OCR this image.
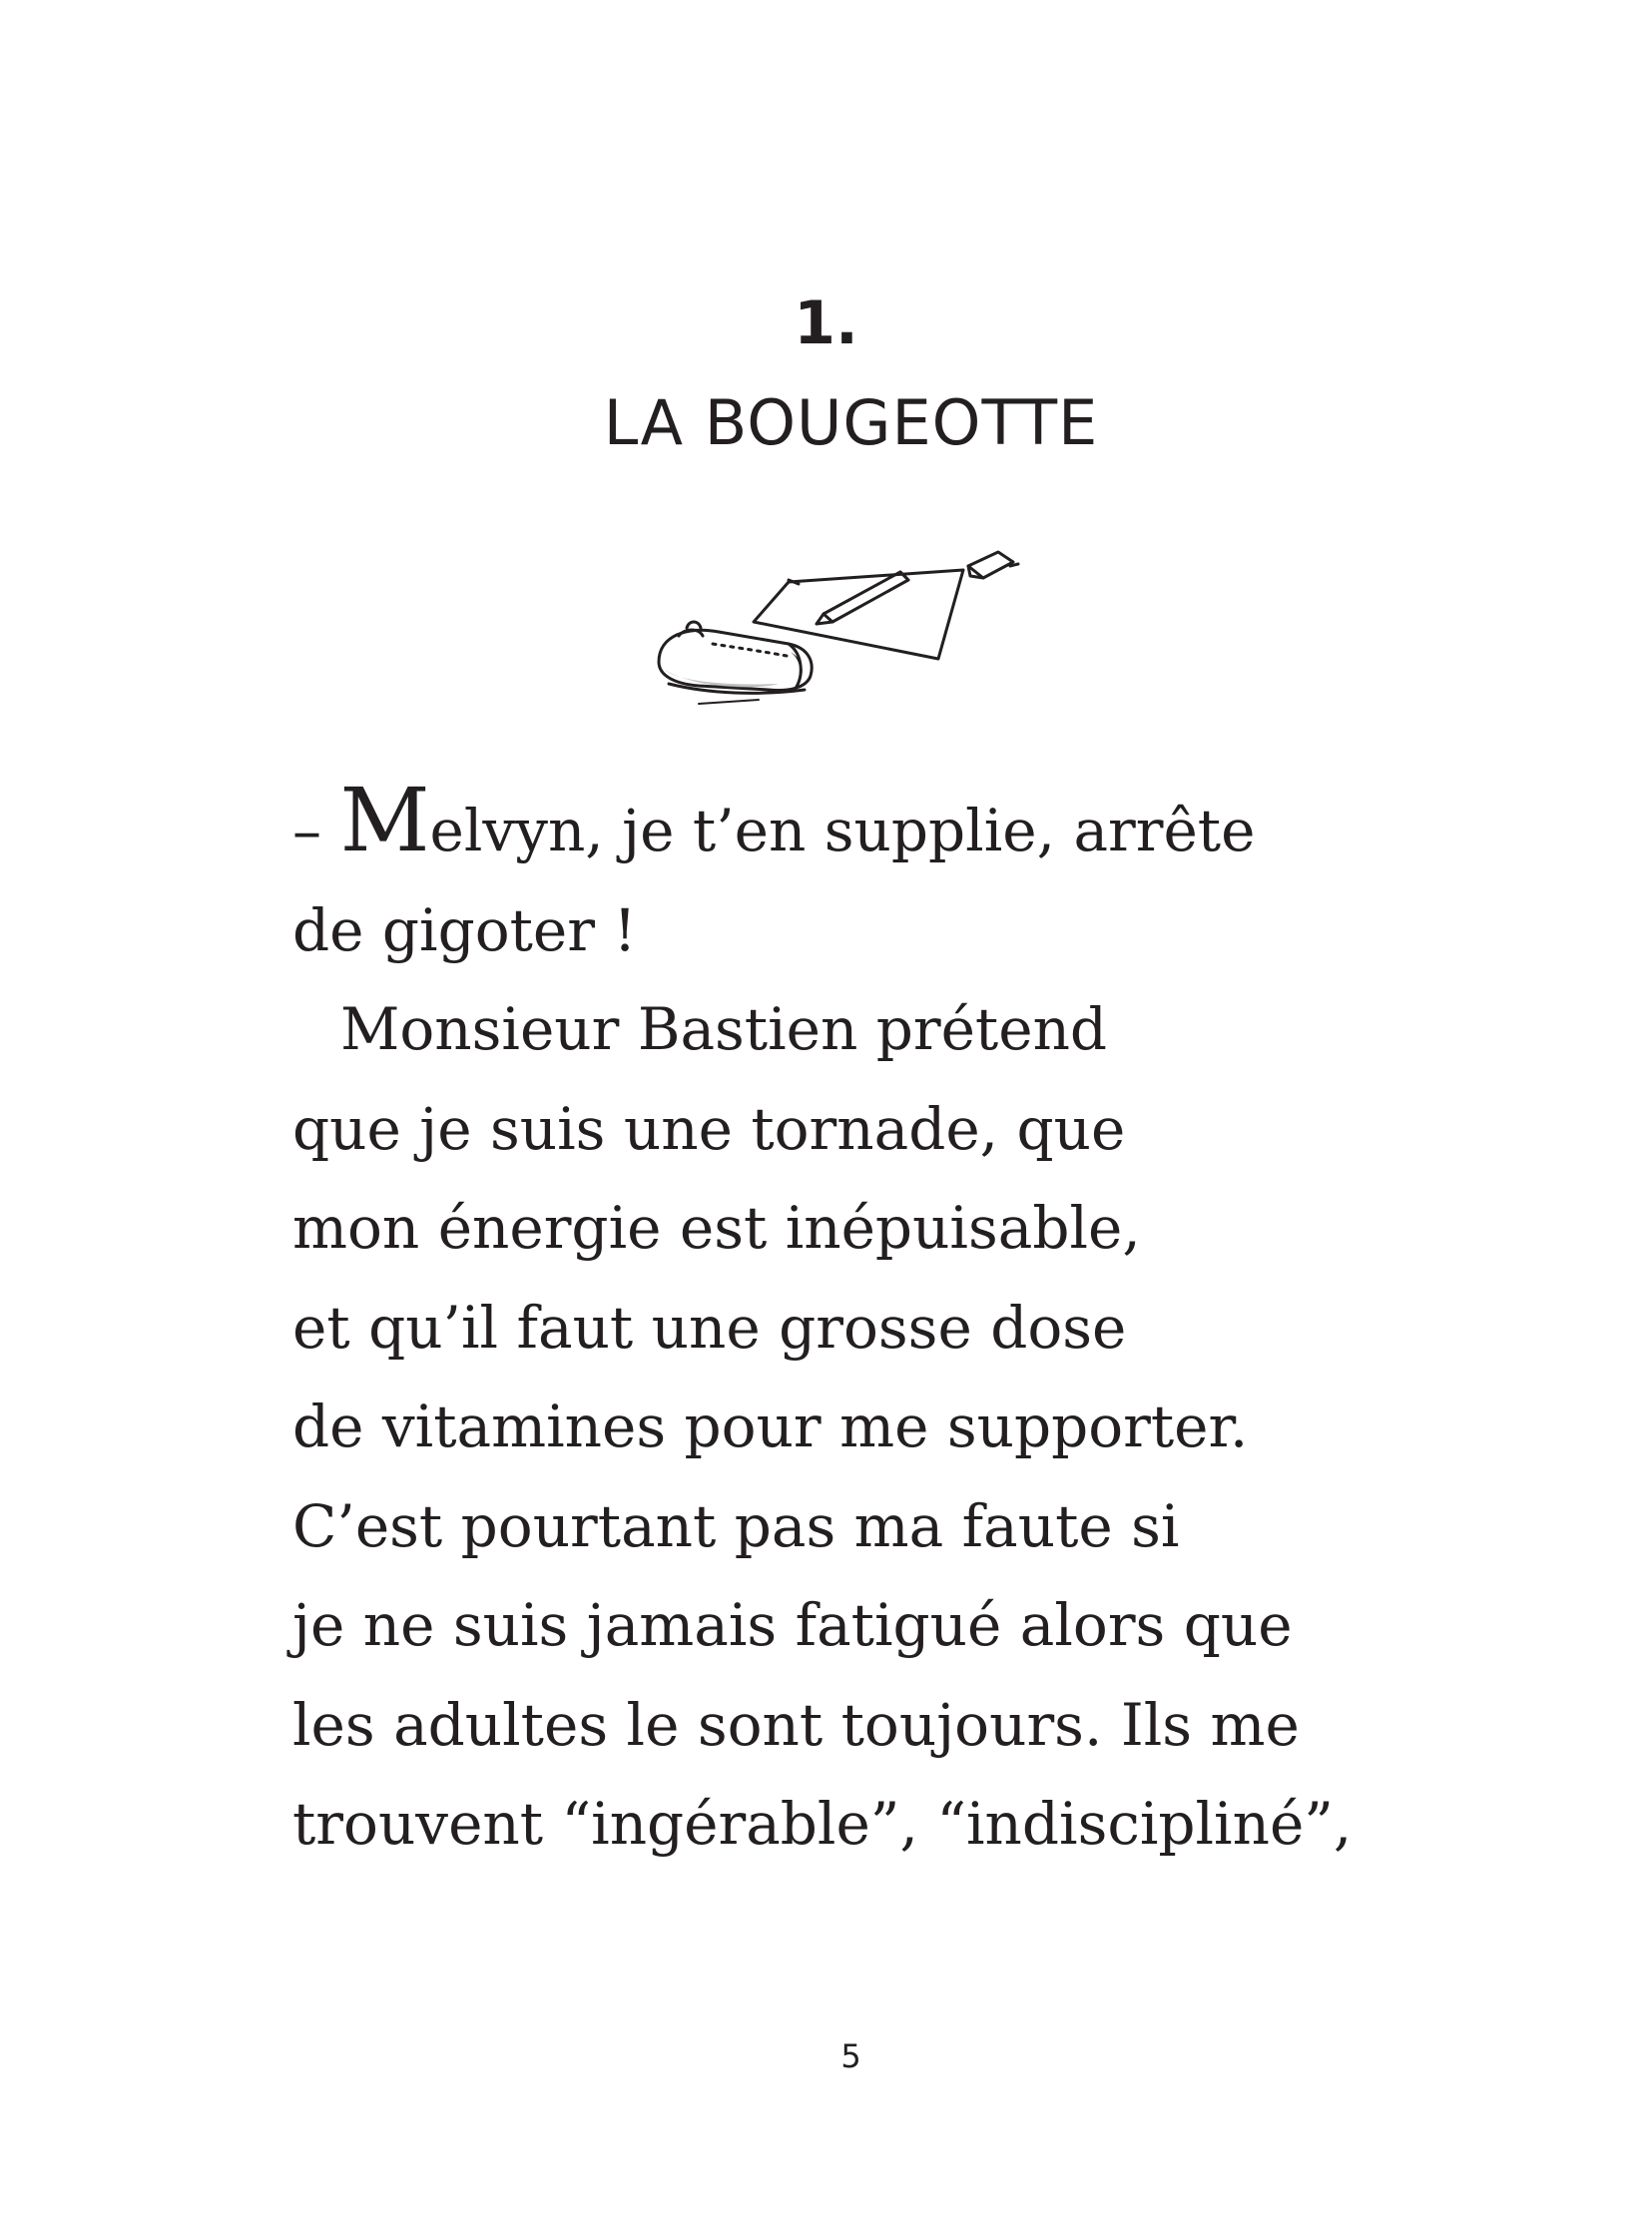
1.
LA BOUGEOTTE
– Melvyn, je t’en supplie, arrête
de gigoter !
Monsieur Bastien prétend
que je suis une tornade, que
mon énergie est inépuisable,
et qu’il faut une grosse dose
de vitamines pour me supporter.
C’est pourtant pas ma faute si
je ne suis jamais fatigué alors que
les adultes le sont toujours. Ils me
trouvent “ingérable”, “indiscipliné”,
5
